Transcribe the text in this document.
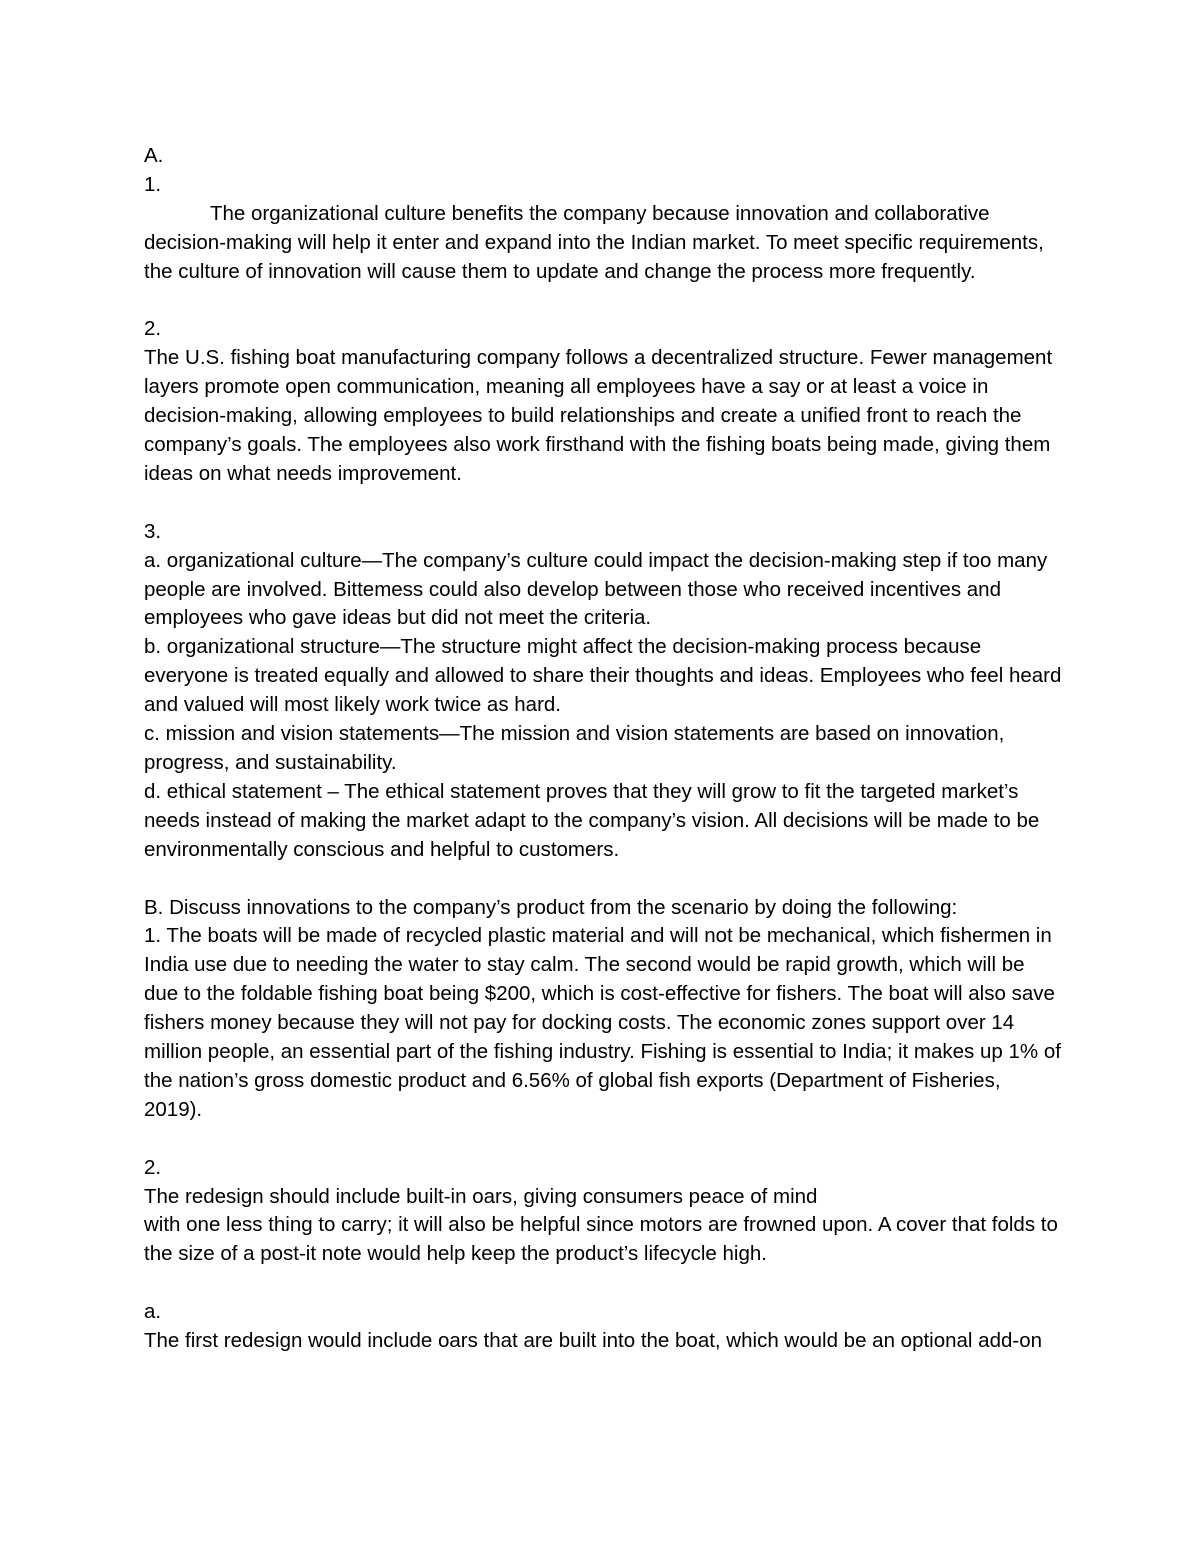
A.
1.
The organizational culture benefits the company because innovation and collaborative decision-making will help it enter and expand into the Indian market. To meet specific requirements, the culture of innovation will cause them to update and change the process more frequently.
2.
The U.S. fishing boat manufacturing company follows a decentralized structure. Fewer management layers promote open communication, meaning all employees have a say or at least a voice in decision-making, allowing employees to build relationships and create a unified front to reach the company’s goals. The employees also work firsthand with the fishing boats being made, giving them ideas on what needs improvement.
3.
a. organizational culture—The company’s culture could impact the decision-making step if too many people are involved. Bittemess could also develop between those who received incentives and employees who gave ideas but did not meet the criteria.
b. organizational structure—The structure might affect the decision-making process because everyone is treated equally and allowed to share their thoughts and ideas. Employees who feel heard and valued will most likely work twice as hard.
c. mission and vision statements—The mission and vision statements are based on innovation, progress, and sustainability.
d. ethical statement – The ethical statement proves that they will grow to fit the targeted market’s needs instead of making the market adapt to the company’s vision. All decisions will be made to be environmentally conscious and helpful to customers.
B. Discuss innovations to the company’s product from the scenario by doing the following:
1. The boats will be made of recycled plastic material and will not be mechanical, which fishermen in India use due to needing the water to stay calm. The second would be rapid growth, which will be due to the foldable fishing boat being $200, which is cost-effective for fishers. The boat will also save fishers money because they will not pay for docking costs. The economic zones support over 14 million people, an essential part of the fishing industry. Fishing is essential to India; it makes up 1% of the nation’s gross domestic product and 6.56% of global fish exports (Department of Fisheries, 2019).
2.
The redesign should include built-in oars, giving consumers peace of mind
with one less thing to carry; it will also be helpful since motors are frowned upon. A cover that folds to the size of a post-it note would help keep the product’s lifecycle high.
a.
The first redesign would include oars that are built into the boat, which would be an optional add-on
